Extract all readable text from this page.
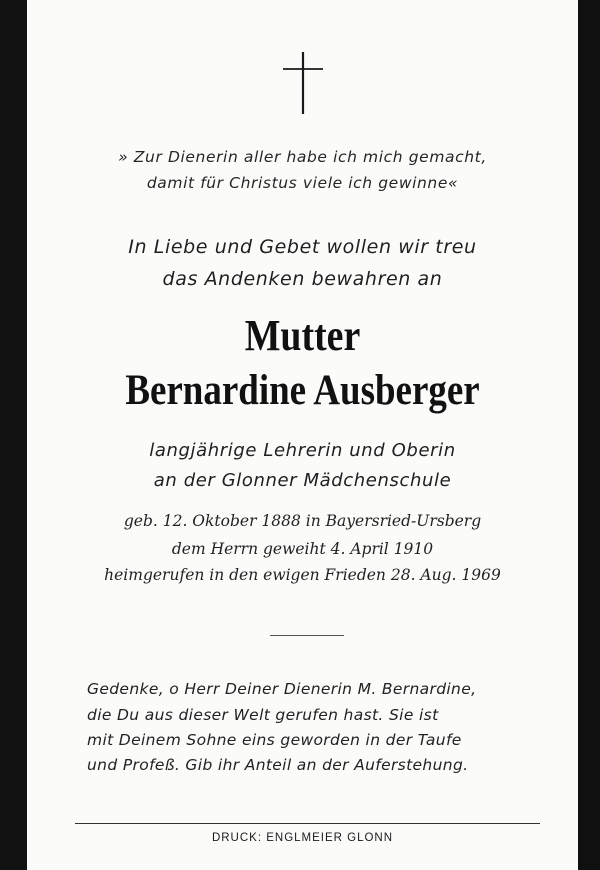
» Zur Dienerin aller habe ich mich gemacht,
damit für Christus viele ich gewinne«
In Liebe und Gebet wollen wir treu
das Andenken bewahren an
Mutter
Bernardine Ausberger
langjährige Lehrerin und Oberin
an der Glonner Mädchenschule
geb. 12. Oktober 1888 in Bayersried-Ursberg
dem Herrn geweiht 4. April 1910
heimgerufen in den ewigen Frieden 28. Aug. 1969
Gedenke, o Herr Deiner Dienerin M. Bernardine,
die Du aus dieser Welt gerufen hast. Sie ist
mit Deinem Sohne eins geworden in der Taufe
und Profeß. Gib ihr Anteil an der Auferstehung.
DRUCK: ENGLMEIER GLONN
